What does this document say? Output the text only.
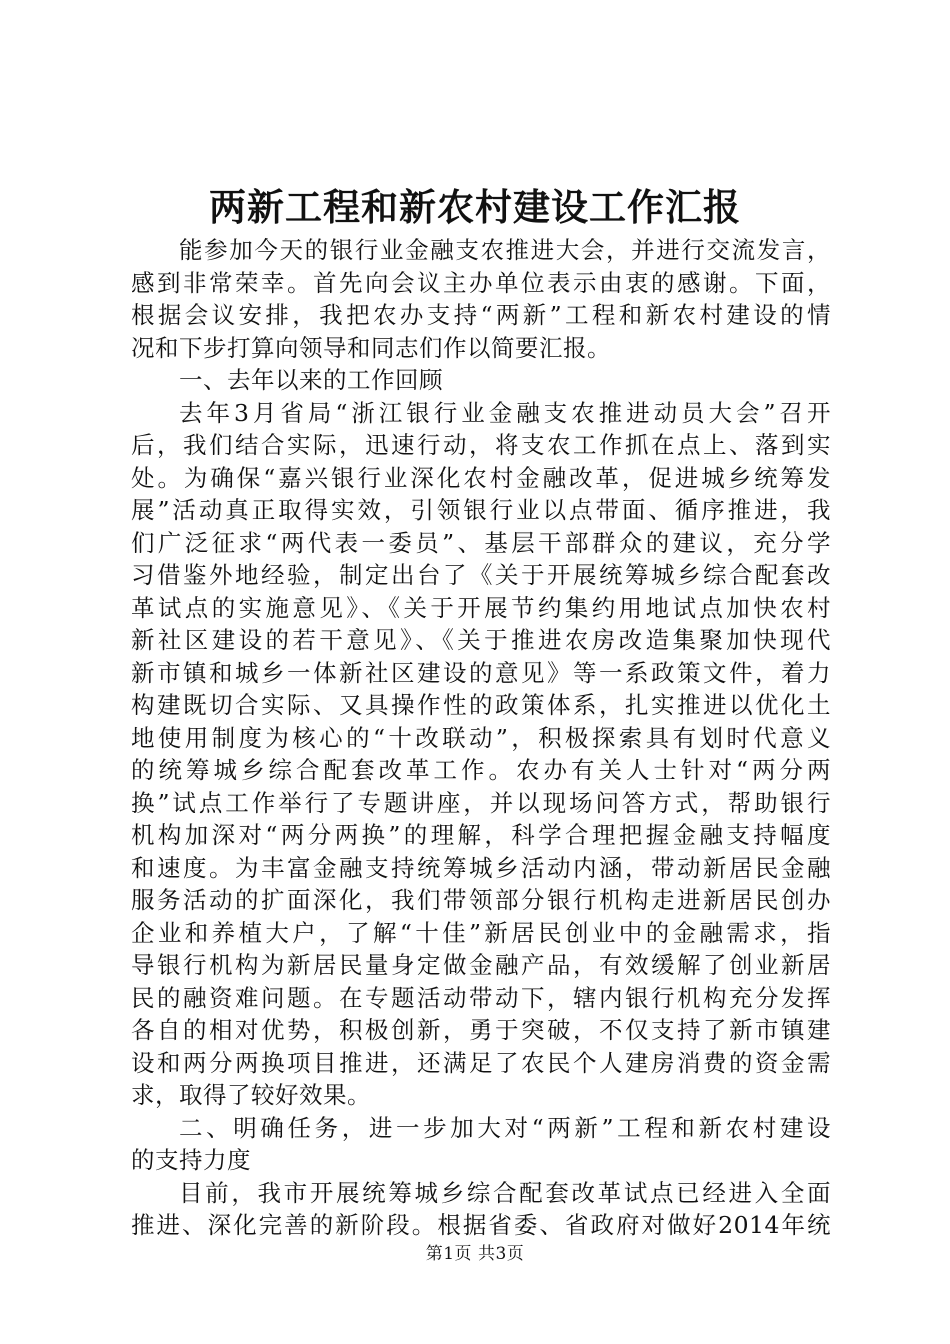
两新工程和新农村建设工作汇报
能参加今天的银行业金融支农推进大会，并进行交流发言，
感到非常荣幸。首先向会议主办单位表示由衷的感谢。下面，
根据会议安排，我把农办支持“两新”工程和新农村建设的情
况和下步打算向领导和同志们作以简要汇报。
一、去年以来的工作回顾
去年3月省局“浙江银行业金融支农推进动员大会”召开
后，我们结合实际，迅速行动，将支农工作抓在点上、落到实
处。为确保“嘉兴银行业深化农村金融改革，促进城乡统筹发
展”活动真正取得实效，引领银行业以点带面、循序推进，我
们广泛征求“两代表一委员”、基层干部群众的建议，充分学
习借鉴外地经验，制定出台了《关于开展统筹城乡综合配套改
革试点的实施意见》、《关于开展节约集约用地试点加快农村
新社区建设的若干意见》、《关于推进农房改造集聚加快现代
新市镇和城乡一体新社区建设的意见》等一系政策文件，着力
构建既切合实际、又具操作性的政策体系，扎实推进以优化土
地使用制度为核心的“十改联动”，积极探索具有划时代意义
的统筹城乡综合配套改革工作。农办有关人士针对“两分两
换”试点工作举行了专题讲座，并以现场问答方式，帮助银行
机构加深对“两分两换”的理解，科学合理把握金融支持幅度
和速度。为丰富金融支持统筹城乡活动内涵，带动新居民金融
服务活动的扩面深化，我们带领部分银行机构走进新居民创办
企业和养植大户，了解“十佳”新居民创业中的金融需求，指
导银行机构为新居民量身定做金融产品，有效缓解了创业新居
民的融资难问题。在专题活动带动下，辖内银行机构充分发挥
各自的相对优势，积极创新，勇于突破，不仅支持了新市镇建
设和两分两换项目推进，还满足了农民个人建房消费的资金需
求，取得了较好效果。
二、明确任务，进一步加大对“两新”工程和新农村建设
的支持力度
目前，我市开展统筹城乡综合配套改革试点已经进入全面
推进、深化完善的新阶段。根据省委、省政府对做好2014年统
第1页 共3页
